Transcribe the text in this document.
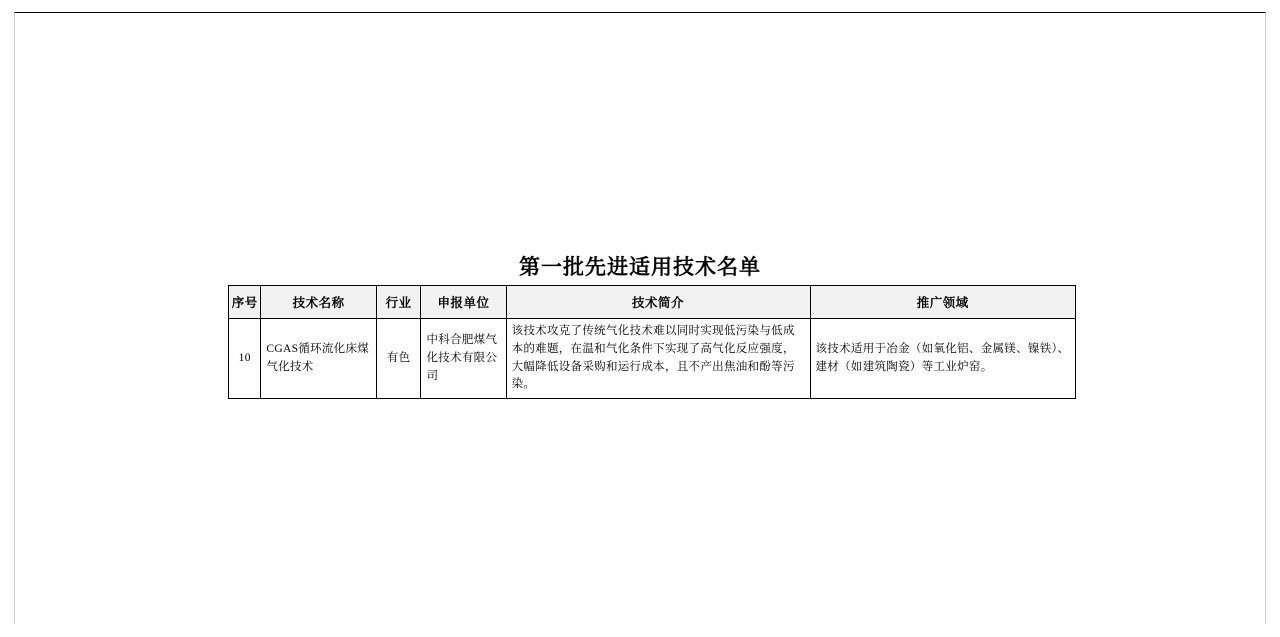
第一批先进适用技术名单
序号	技术名称	行业	申报单位	技术简介	推广领域
10	CGAS循环流化床煤气化技术	有色	中科合肥煤气化技术有限公司	该技术攻克了传统气化技术难以同时实现低污染与低成本的难题，在温和气化条件下实现了高气化反应强度，大幅降低设备采购和运行成本，且不产出焦油和酚等污染。	该技术适用于冶金（如氧化铝、金属镁、镍铁）、建材（如建筑陶瓷）等工业炉窑。
